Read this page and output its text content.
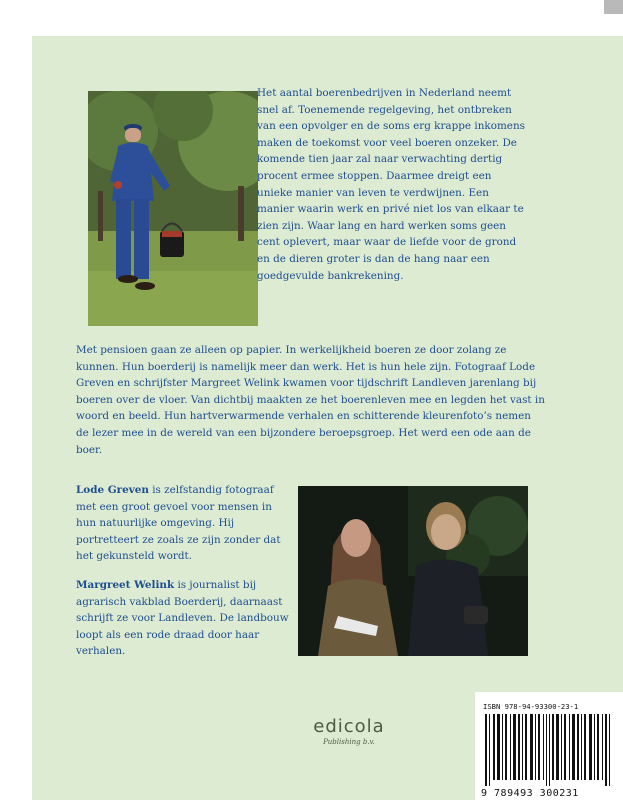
Het aantal boerenbedrijven in Nederland neemt snel af. Toenemende regelgeving, het ontbreken van een opvolger en de soms erg krappe inkomens maken de toekomst voor veel boeren onzeker. De komende tien jaar zal naar verwachting dertig procent ermee stoppen. Daarmee dreigt een unieke manier van leven te verdwijnen. Een manier waarin werk en privé niet los van elkaar te zien zijn. Waar lang en hard werken soms geen cent oplevert, maar waar de liefde voor de grond en de dieren groter is dan de hang naar een goedgevulde bankrekening.

Met pensioen gaan ze alleen op papier. In werkelijkheid boeren ze door zolang ze kunnen. Hun boerderij is namelijk meer dan werk. Het is hun hele zijn. Fotograaf Lode Greven en schrijfster Margreet Welink kwamen voor tijdschrift Landleven jarenlang bij boeren over de vloer. Van dichtbij maakten ze het boerenleven mee en legden het vast in woord en beeld. Hun hartverwarmende verhalen en schitterende kleurenfoto’s nemen de lezer mee in de wereld van een bijzondere beroepsgroep. Het werd een ode aan de boer.

Lode Greven is zelfstandig fotograaf met een groot gevoel voor mensen in hun natuurlijke omgeving. Hij portretteert ze zoals ze zijn zonder dat het gekunsteld wordt.

Margreet Welink is journalist bij agrarisch vakblad Boerderij, daarnaast schrijft ze voor Landleven. De landbouw loopt als een rode draad door haar verhalen.

edicola
Publishing b.v.
ISBN 978-94-93300-23-1
9 789493 300231
